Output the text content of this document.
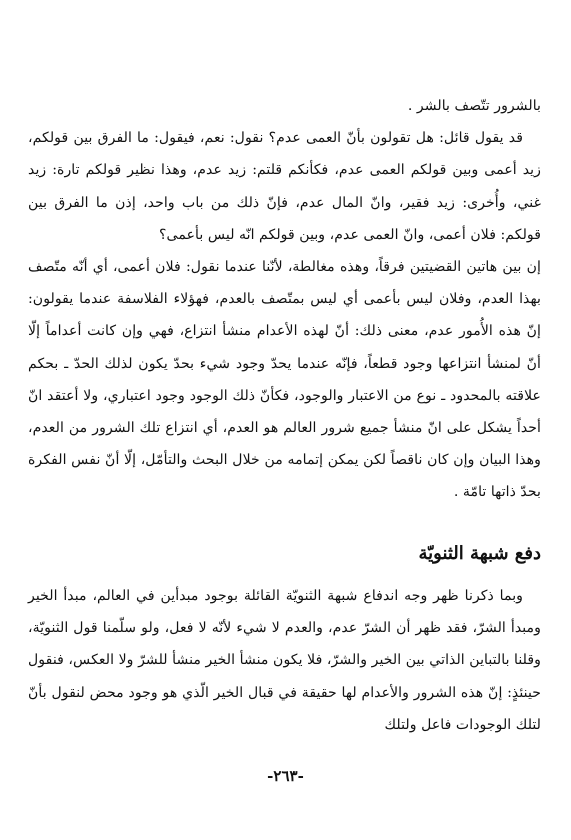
بالشرور تتّصف بالشر .

قد يقول قائل: هل تقولون بأنّ العمى عدم؟ نقول: نعم، فيقول: ما الفرق بين قولكم، زيد أعمى وبين قولكم العمى عدم، فكأنكم قلتم: زيد عدم، وهذا نظير قولكم تارة: زيد غني، وأُخرى: زيد فقير، وانّ المال عدم، فإنّ ذلك من باب واحد، إذن ما الفرق بين قولكم: فلان أعمى، وانّ العمى عدم، وبين قولكم انّه ليس بأعمى؟

إن بين هاتين القضيتين فرقاً، وهذه مغالطة، لأنّنا عندما نقول: فلان أعمى، أي أنّه متّصف بهذا العدم، وفلان ليس بأعمى أي ليس بمتّصف بالعدم، فهؤلاء الفلاسفة عندما يقولون: إنّ هذه الأُمور عدم، معنى ذلك: أنّ لهذه الأعدام منشأ انتزاع، فهي وإن كانت أعداماً إلّا أنّ لمنشأ انتزاعها وجود قطعاً، فإنّه عندما يحدّ وجود شيء بحدّ يكون لذلك الحدّ ـ بحكم علاقته بالمحدود ـ نوع من الاعتبار والوجود، فكأنّ ذلك الوجود وجود اعتباري، ولا أعتقد انّ أحداً يشكل على انّ منشأ جميع شرور العالم هو العدم، أي انتزاع تلك الشرور من العدم، وهذا البيان وإن كان ناقصاً لكن يمكن إتمامه من خلال البحث والتأمّل، إلّا أنّ نفس الفكرة بحدّ ذاتها تامّة .

دفع شبهة الثنويّة

وبما ذكرنا ظهر وجه اندفاع شبهة الثنويّة القائلة بوجود مبدأين في العالم، مبدأ الخير ومبدأ الشرّ، فقد ظهر أن الشرّ عدم، والعدم لا شيء لأنّه لا فعل، ولو سلّمنا قول الثنويّة، وقلنا بالتباين الذاتي بين الخير والشرّ، فلا يكون منشأ الخير منشأ للشرّ ولا العكس، فنقول حينئذٍ: إنّ هذه الشرور والأعدام لها حقيقة في قبال الخير الّذي هو وجود محض لنقول بأنّ لتلك الوجودات فاعل ولتلك

-٢٦٣-
